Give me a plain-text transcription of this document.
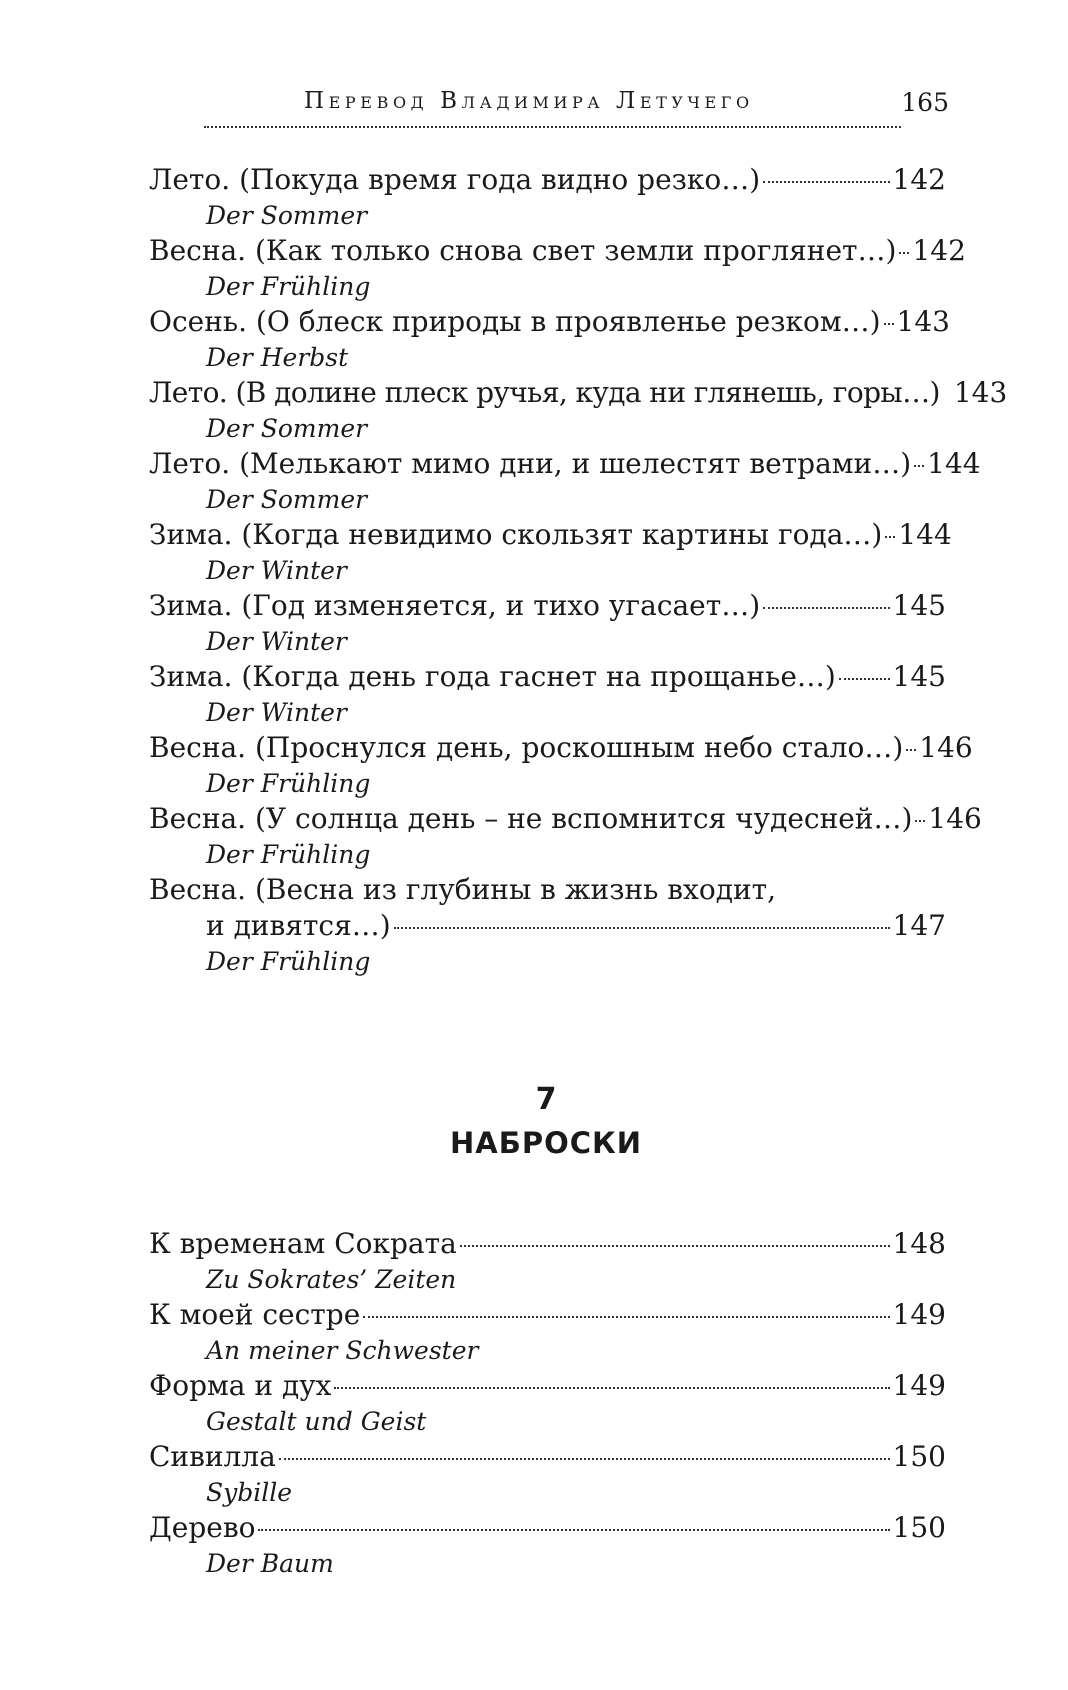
Перевод Владимира Летучего	165
Лето. (Покуда время года видно резко…)	142
Der Sommer
Весна. (Как только снова свет земли проглянет…) 142
Der Frühling
Осень. (О блеск природы в проявленье резком…) 143
Der Herbst
Лето. (В долине плеск ручья, куда ни глянешь, горы…) 143
Der Sommer
Лето. (Мелькают мимо дни, и шелестят ветрами…) 144
Der Sommer
Зима. (Когда невидимо скользят картины года…) 144
Der Winter
Зима. (Год изменяется, и тихо угасает…)	145
Der Winter
Зима. (Когда день года гаснет на прощанье…) 145
Der Winter
Весна. (Проснулся день, роскошным небо стало…) 146
Der Frühling
Весна. (У солнца день – не вспомнится чудесней…) 146
Der Frühling
Весна. (Весна из глубины в жизнь входит,
и дивятся…)	147
Der Frühling
7
НАБРОСКИ
К временам Сократа	148
Zu Sokrates’ Zeiten
К моей сестре	149
An meiner Schwester
Форма и дух	149
Gestalt und Geist
Сивилла	150
Sybille
Дерево	150
Der Baum
